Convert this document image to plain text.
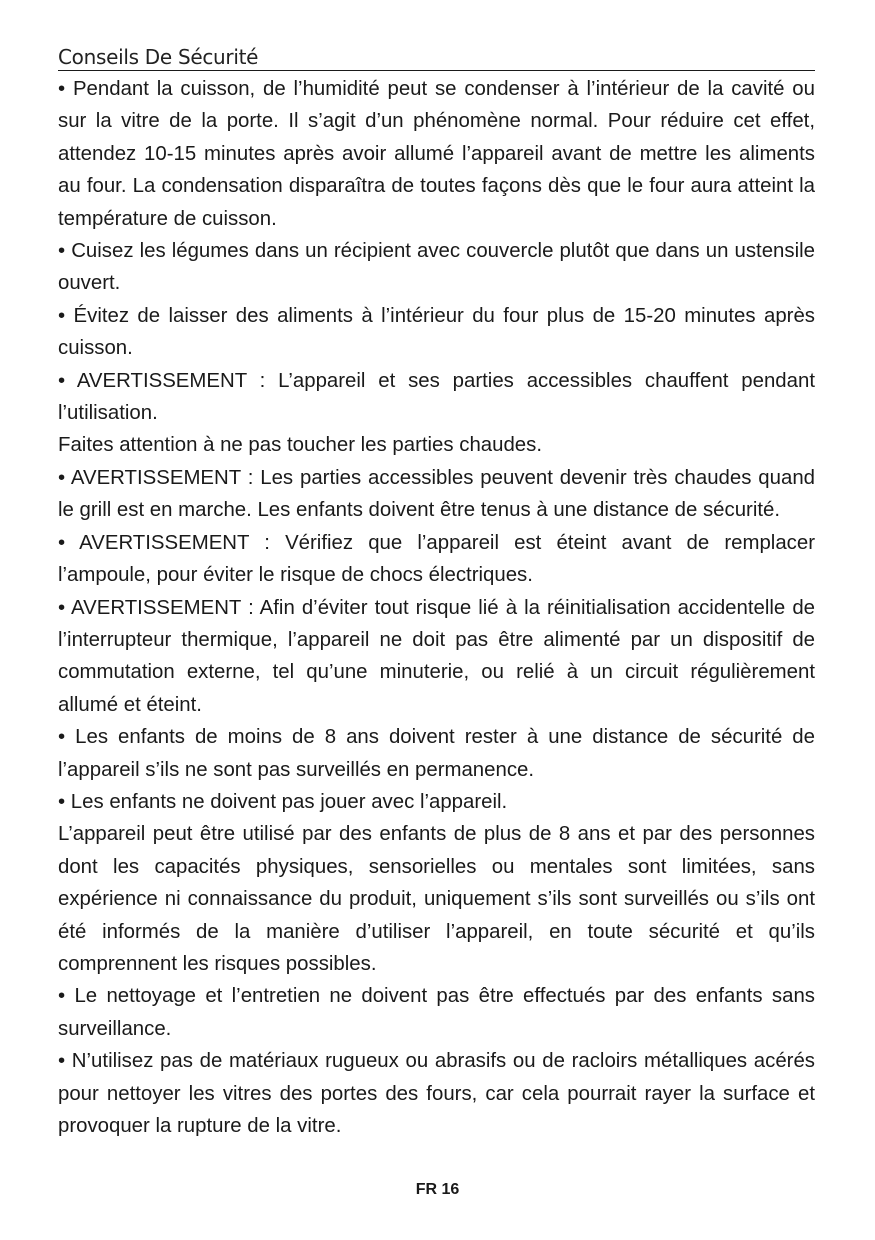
Conseils De Sécurité

• Pendant la cuisson, de l’humidité peut se condenser à l’intérieur de la cavité ou sur la vitre de la porte. Il s’agit d’un phénomène normal. Pour réduire cet effet, attendez 10-15 minutes après avoir allumé l’appareil avant de mettre les aliments au four. La condensation disparaîtra de toutes façons dès que le four aura atteint la température de cuisson.

• Cuisez les légumes dans un récipient avec couvercle plutôt que dans un ustensile ouvert.

• Évitez de laisser des aliments à l’intérieur du four plus de 15-20 minutes après cuisson.

• AVERTISSEMENT : L’appareil et ses parties accessibles chauffent pendant l’utilisation.

Faites attention à ne pas toucher les parties chaudes.

• AVERTISSEMENT : Les parties accessibles peuvent devenir très chaudes quand le grill est en marche. Les enfants doivent être tenus à une distance de sécurité.

• AVERTISSEMENT : Vérifiez que l’appareil est éteint avant de remplacer l’ampoule, pour éviter le risque de chocs électriques.

• AVERTISSEMENT : Afin d’éviter tout risque lié à la réinitialisation accidentelle de l’interrupteur thermique, l’appareil ne doit pas être alimenté par un dispositif de commutation externe, tel qu’une minuterie, ou relié à un circuit régulièrement allumé et éteint.

• Les enfants de moins de 8 ans doivent rester à une distance de sécurité de l’appareil s’ils ne sont pas surveillés en permanence.

• Les enfants ne doivent pas jouer avec l’appareil.

L’appareil peut être utilisé par des enfants de plus de 8 ans et par des personnes dont les capacités physiques, sensorielles ou mentales sont limitées, sans expérience ni connaissance du produit, uniquement s’ils sont surveillés ou s’ils ont été informés de la manière d’utiliser l’appareil, en toute sécurité et qu’ils comprennent les risques possibles.

• Le nettoyage et l’entretien ne doivent pas être effectués par des enfants sans surveillance.

• N’utilisez pas de matériaux rugueux ou abrasifs ou de racloirs métalliques acérés pour nettoyer les vitres des portes des fours, car cela pourrait rayer la surface et provoquer la rupture de la vitre.

FR 16
